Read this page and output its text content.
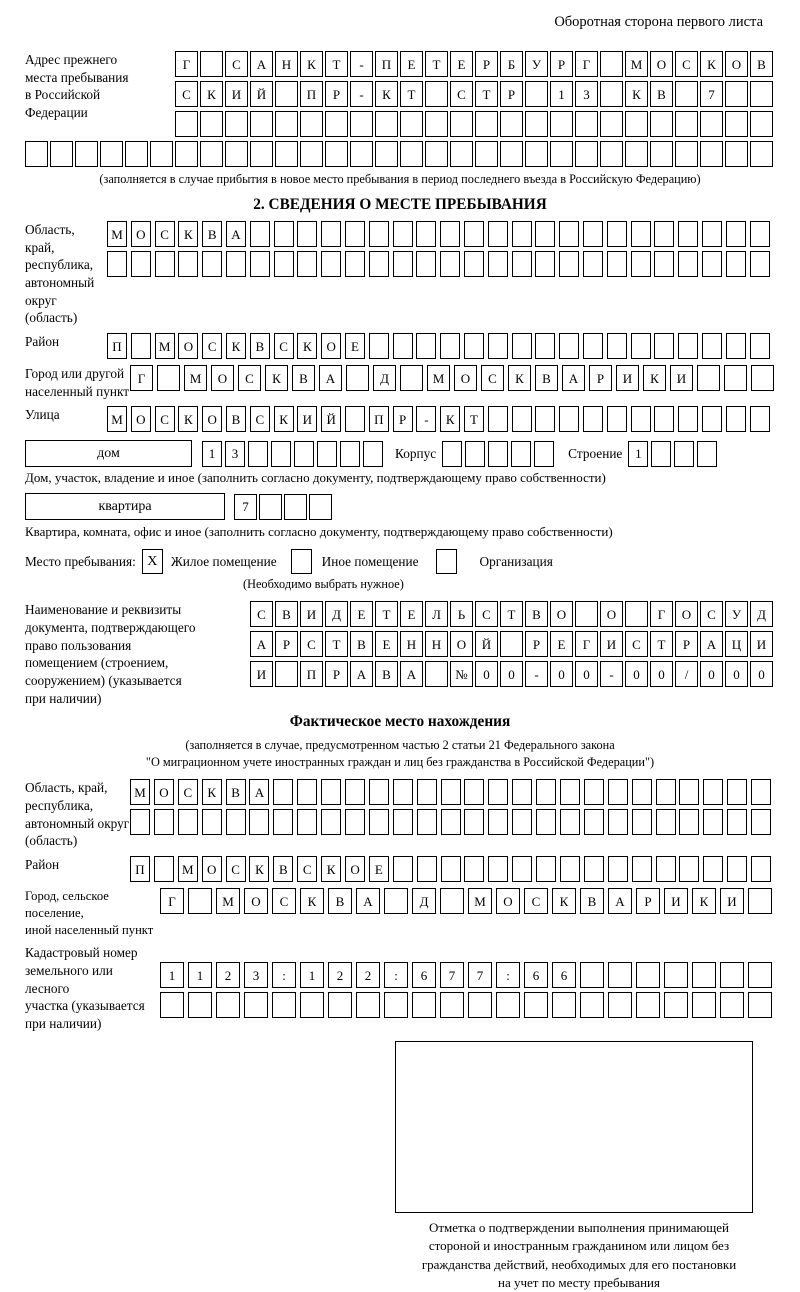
Оборотная сторона первого листа
Адрес прежнего
места пребывания
в Российской
Федерации
Г	С	А	Н	К	Т	-	П	Е	Т	Е	Р	Б	У	Р	Г	М	О	С	К	О	В
С	К	И	Й	П	Р	-	К	Т	С	Т	Р	1	3	К	В	7
(заполняется в случае прибытия в новое место пребывания в период последнего въезда в Российскую Федерацию)
2. СВЕДЕНИЯ О МЕСТЕ ПРЕБЫВАНИЯ
Область, край,
республика,
автономный
округ (область)
М	О	С	К	В	А
Район	П	М	О	С	К	В	С	К	О	Е
Город или другой
населенный пункт
Г	М	О	С	К	В	А	Д	М	О	С	К	В	А	Р	И	К	И
Улица	М	О	С	К	О	В	С	К	И	Й	П	Р	-	К	Т
дом	1	3	Корпус	Строение 1
Дом, участок, владение и иное (заполнить согласно документу, подтверждающему право собственности)
квартира	7
Квартира, комната, офис и иное (заполнить согласно документу, подтверждающему право собственности)
Место пребывания: X	Жилое помещение	Иное помещение	Организация
(Необходимо выбрать нужное)
Наименование и реквизиты
документа, подтверждающего
право пользования
помещением (строением,
сооружением) (указывается
при наличии)
С	В	И	Д	Е	Т	Е	Л	Ь	С	Т	В	О	О	Г	О	С	У	Д
А	Р	С	Т	В	Е	Н	Н	О	Й	Р	Е	Г	И	С	Т	Р	А	Ц	И
И	П	Р	А	В	А	№	0	0	-	0	0	-	0	0	/	0	0	0
Фактическое место нахождения
(заполняется в случае, предусмотренном частью 2 статьи 21 Федерального закона
"О миграционном учете иностранных граждан и лиц без гражданства в Российской Федерации")
Область, край,
республика,
автономный округ
(область)
М	О	С	К	В	А
Район	П	М	О	С	К	В	С	К	О	Е
Город, сельское поселение,
иной населенный пункт
Г	М	О	С	К	В	А	Д	М	О	С	К	В	А	Р	И	К	И
Кадастровый номер
земельного или лесного
участка (указывается
при наличии)
1	1	2	3	:	1	2	2	:	6	7	7	:	6	6
Отметка о подтверждении выполнения принимающей
стороной и иностранным гражданином или лицом без
гражданства действий, необходимых для его постановки
на учет по месту пребывания
